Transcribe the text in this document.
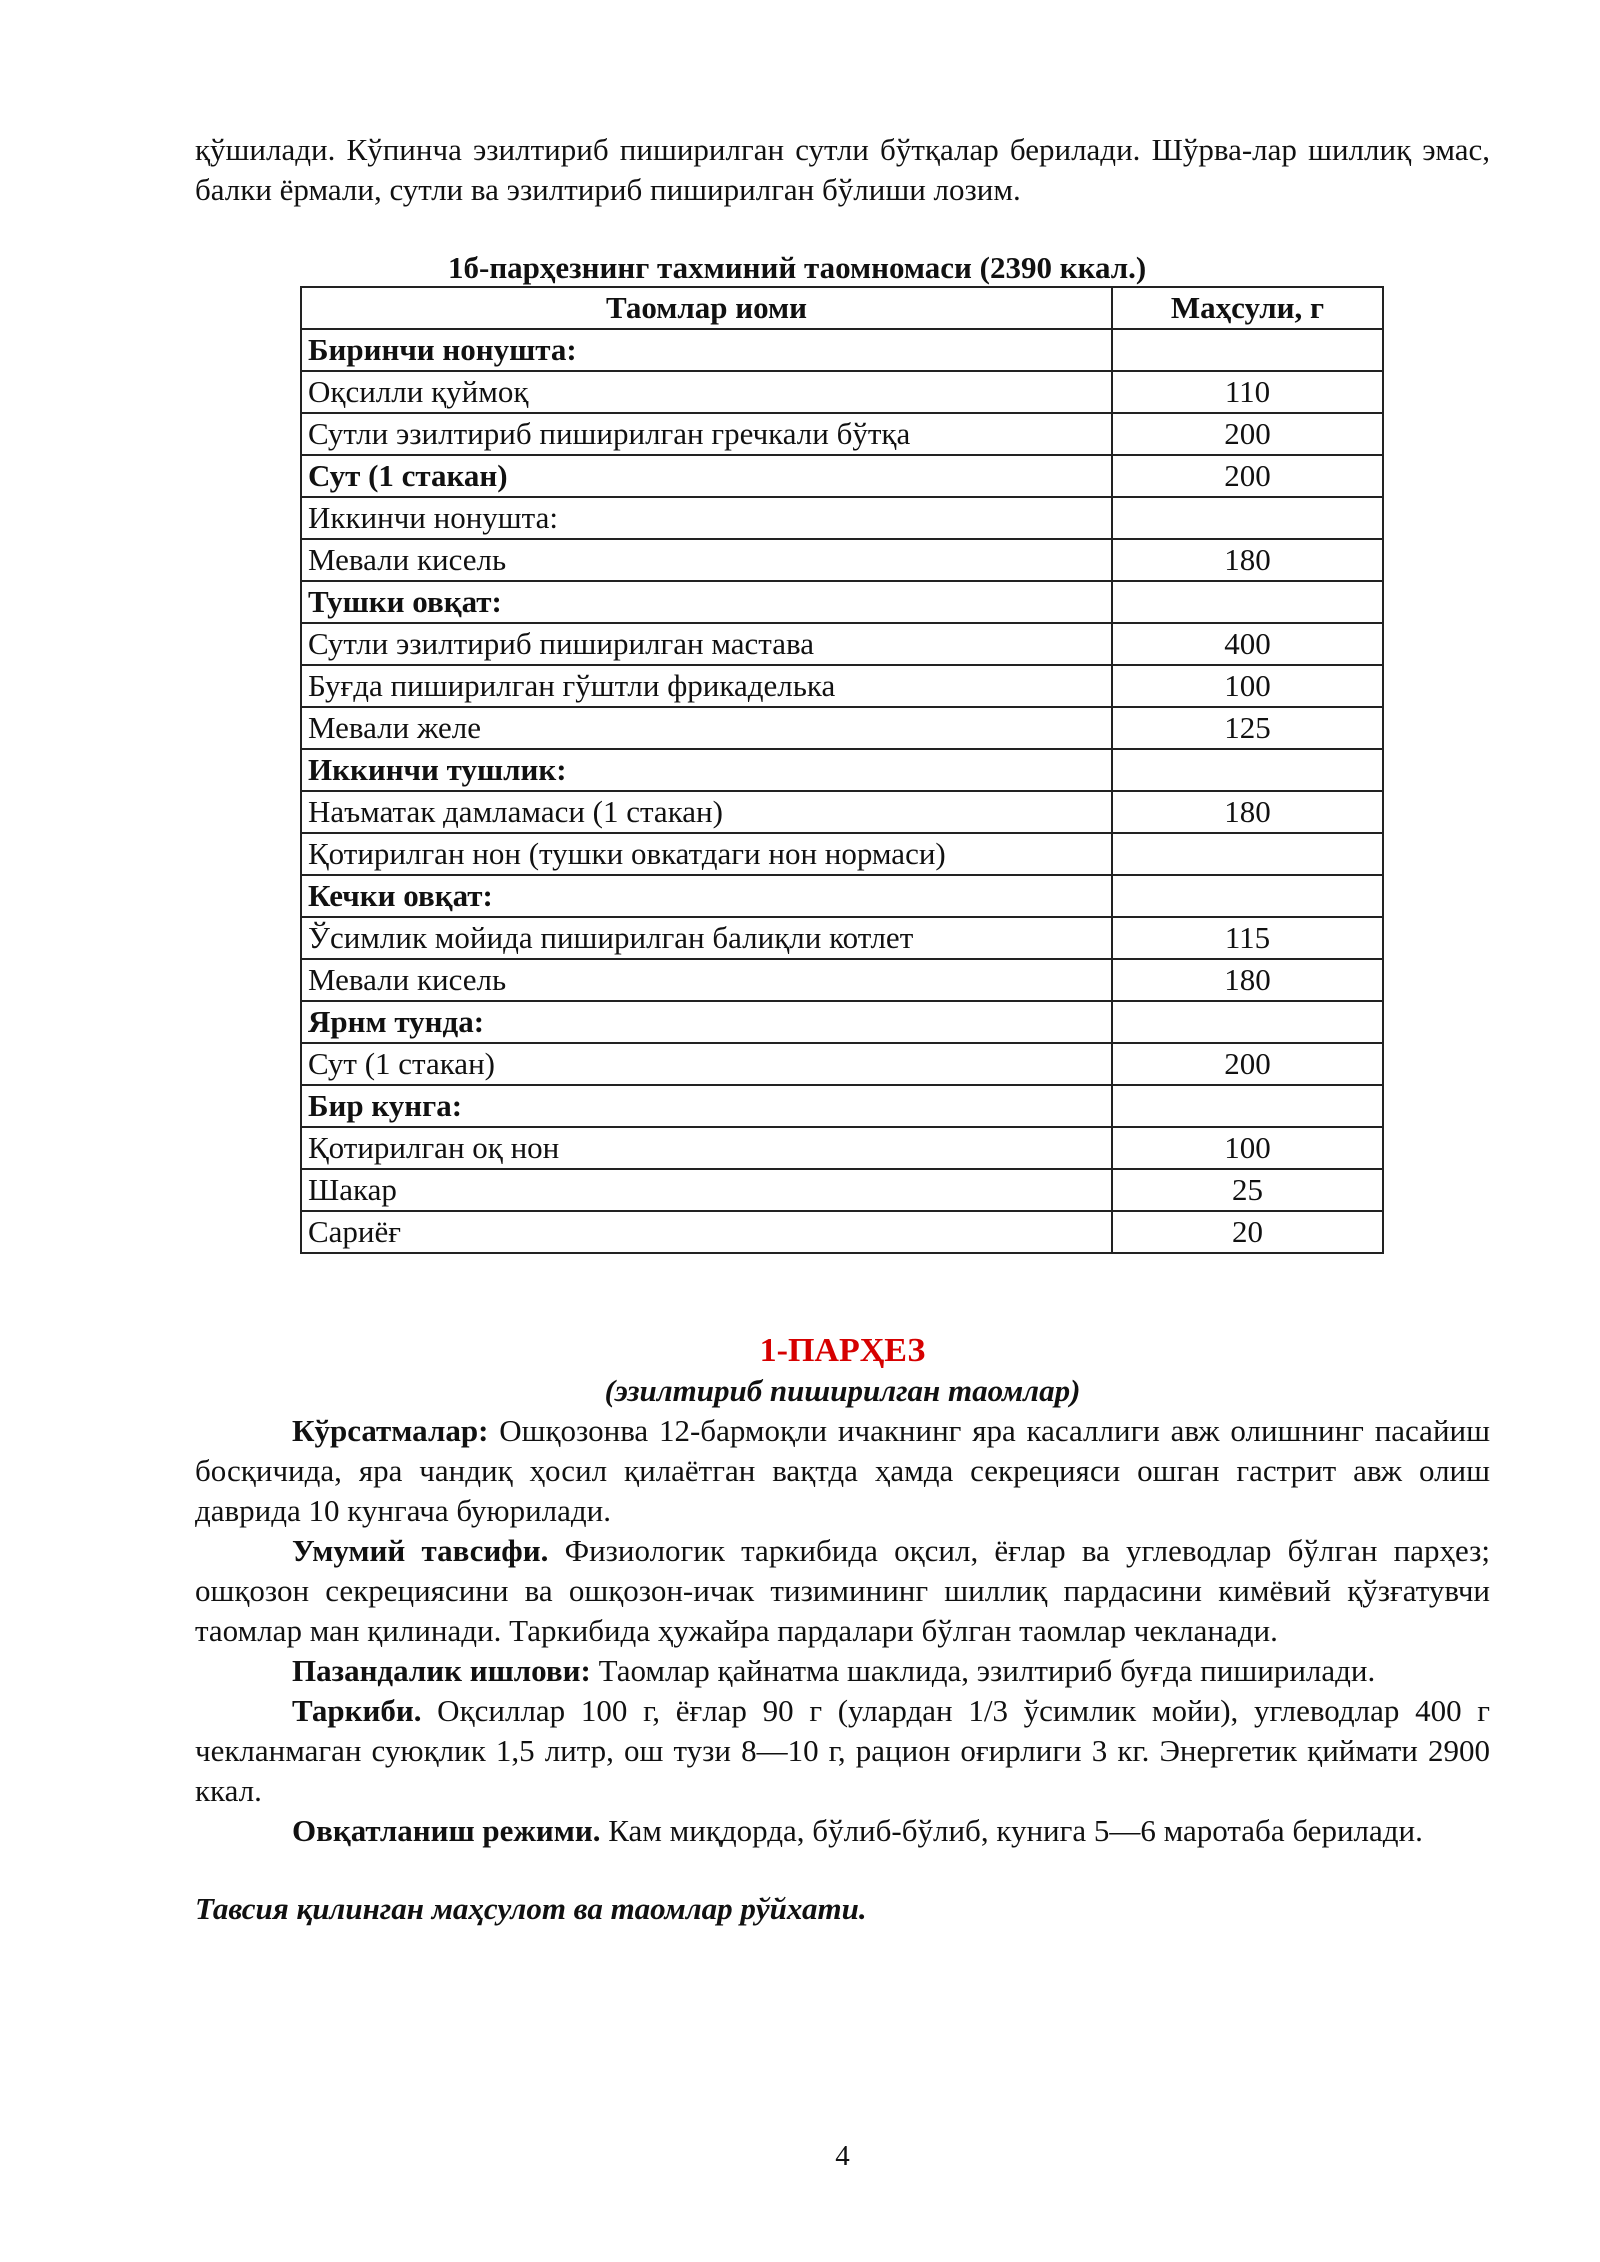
қўшилади. Кўпинча эзилтириб пиширилган сутли бўтқалар берилади. Шўрва-лар шиллиқ эмас, балки ёрмали, сутли ва эзилтириб пиширилган бўлиши лозим.

1б-парҳезнинг тахминий таомномаси (2390 ккал.)
Таомлар иоми	Маҳсули, г
Биринчи нонушта:	
Оқсилли қуймоқ	110
Сутли эзилтириб пиширилган гречкали бўтқа	200
Сут (1 стакан)	200
Иккинчи нонушта:	
Мевали кисель	180
Тушки овқат:	
Сутли эзилтириб пиширилган мастава	400
Буғда пиширилган гўштли фрикаделька	100
Мевали желе	125
Иккинчи тушлик:	
Наъматак дамламаси (1 стакан)	180
Қотирилган нон (тушки овкатдаги нон нормаси)	
Кечки овқат:	
Ўсимлик мойида пиширилган балиқли котлет	115
Мевали кисель	180
Ярнм тунда:	
Сут (1 стакан)	200
Бир кунга:	
Қотирилган оқ нон	100
Шакар	25
Сариёғ	20
1-ПАРҲЕЗ
(эзилтириб пиширилган таомлар)

Кўрсатмалар: Ошқозонва 12-бармоқли ичакнинг яра касаллиги авж олишнинг пасайиш босқичида, яра чандиқ ҳосил қилаётган вақтда ҳамда секрецияси ошган гастрит авж олиш даврида 10 кунгача буюрилади.

Умумий тавсифи. Физиологик таркибида оқсил, ёғлар ва углеводлар бўлган парҳез; ошқозон секрециясини ва ошқозон-ичак тизимининг шиллиқ пардасини кимёвий қўзғатувчи таомлар ман қилинади. Таркибида ҳужайра пардалари бўлган таомлар чекланади.

Пазандалик ишлови: Таомлар қайнатма шаклида, эзилтириб буғда пиширилади.

Таркиби. Оқсиллар 100 г, ёғлар 90 г (улардан 1/3 ўсимлик мойи), углеводлар 400 г чекланмаган суюқлик 1,5 литр, ош тузи 8—10 г, рацион оғирлиги 3 кг. Энергетик қиймати 2900 ккал.

Овқатланиш режими. Кам миқдорда, бўлиб-бўлиб, кунига 5—6 маротаба берилади.

Тавсия қилинган маҳсулот ва таомлар рўйхати.
4
